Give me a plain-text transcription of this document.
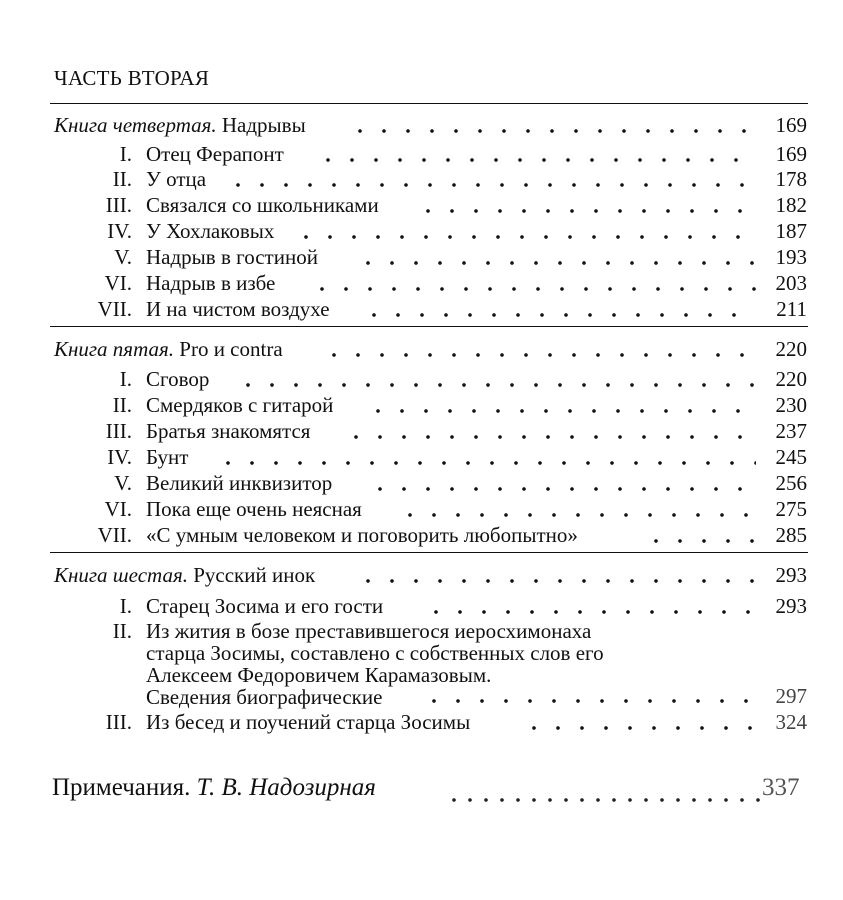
ЧАСТЬ ВТОРАЯ
Книга четвертая. Надрывы	169
I. Отец Ферапонт	169
II. У отца	178
III. Связался со школьниками	182
IV. У Хохлаковых	187
V. Надрыв в гостиной	193
VI. Надрыв в избе	203
VII. И на чистом воздухе	211
Книга пятая. Pro и contra	220
I. Сговор	220
II. Смердяков с гитарой	230
III. Братья знакомятся	237
IV. Бунт	245
V. Великий инквизитор	256
VI. Пока еще очень неясная	275
VII. «С умным человеком и поговорить любопытно»	285
Книга шестая. Русский инок	293
I. Старец Зосима и его гости	293
II. Из жития в бозе преставившегося иеросхимонаха
старца Зосимы, составлено с собственных слов его
Алексеем Федоровичем Карамазовым.
Сведения биографические	297
III. Из бесед и поучений старца Зосимы	324
Примечания. Т. В. Надозирная	337
